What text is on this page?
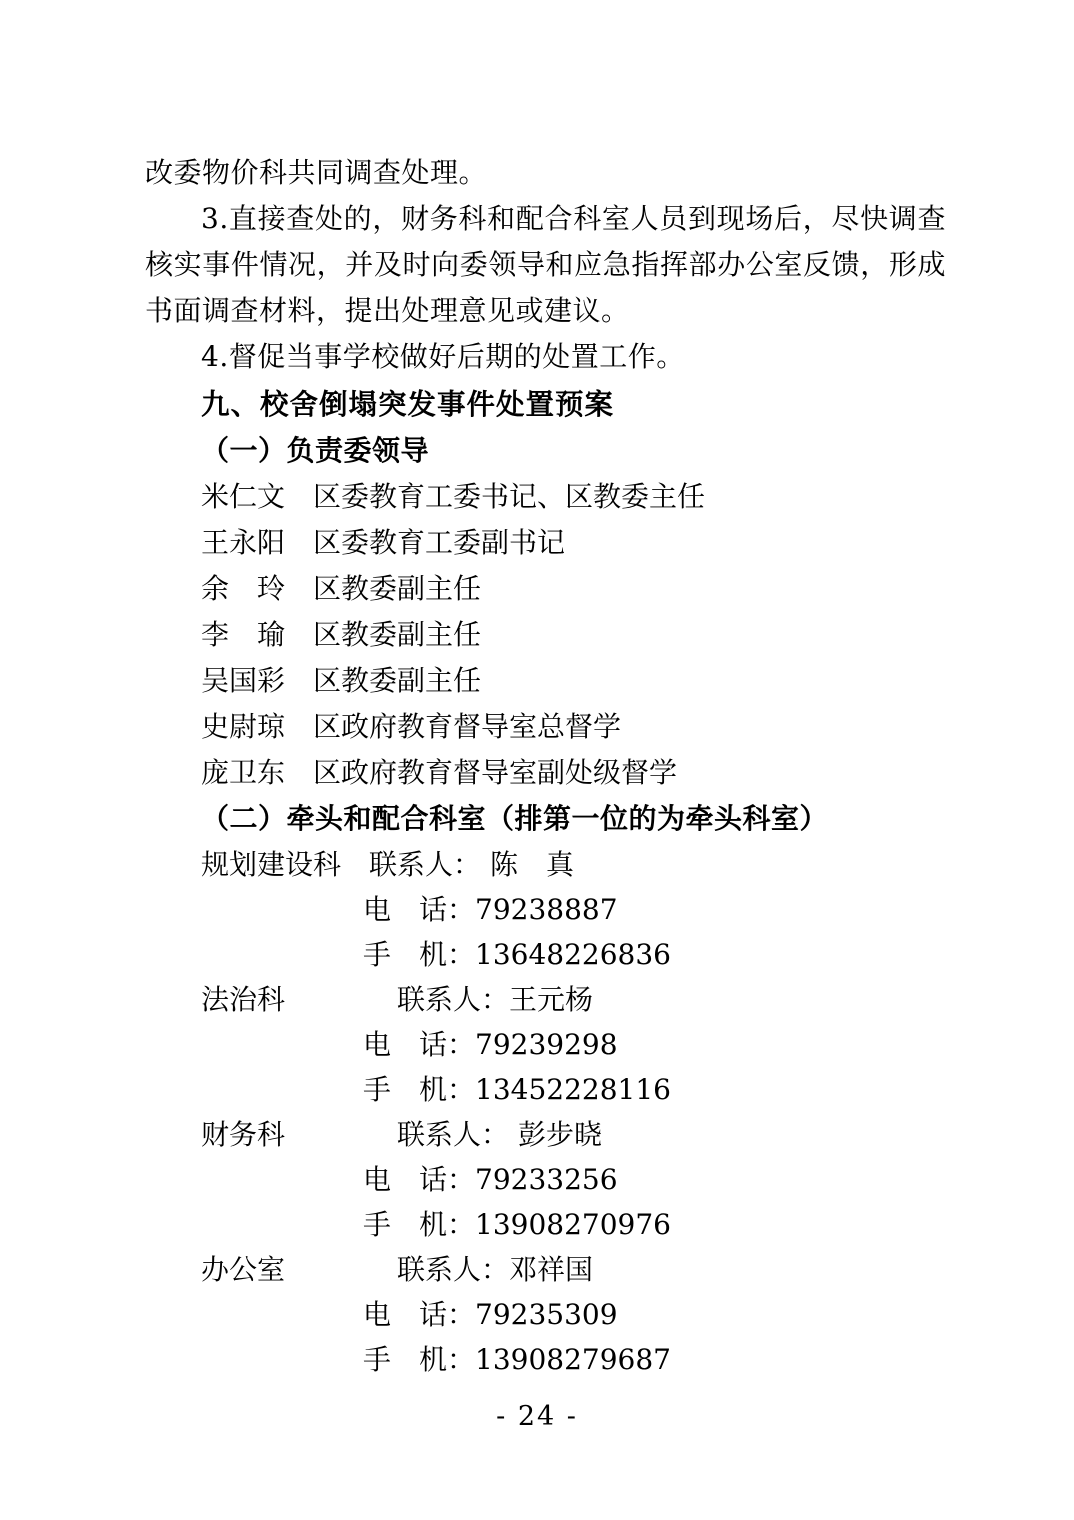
改委物价科共同调查处理。
3.直接查处的，财务科和配合科室人员到现场后，尽快调查核实事件情况，并及时向委领导和应急指挥部办公室反馈，形成书面调查材料，提出处理意见或建议。
4.督促当事学校做好后期的处置工作。
九、校舍倒塌突发事件处置预案
（一）负责委领导
米仁文　 区委教育工委书记、区教委主任
王永阳　 区委教育工委副书记
余　玲　 区教委副主任
李　瑜　 区教委副主任
吴国彩　 区教委副主任
史尉琼　 区政府教育督导室总督学
庞卫东　 区政府教育督导室副处级督学
（二）牵头和配合科室（排第一位的为牵头科室）
规划建设科　 联系人： 陈　真
电　话：79238887
手　机：13648226836
法治科　　　　	联系人：王元杨
电　话：79239298
手　机：13452228116
财务科　　　　	联系人： 彭步晓
电　话：79233256
手　机：13908270976
办公室　　　　	联系人：邓祥国
电　话：79235309
手　机：13908279687
- 24 -
